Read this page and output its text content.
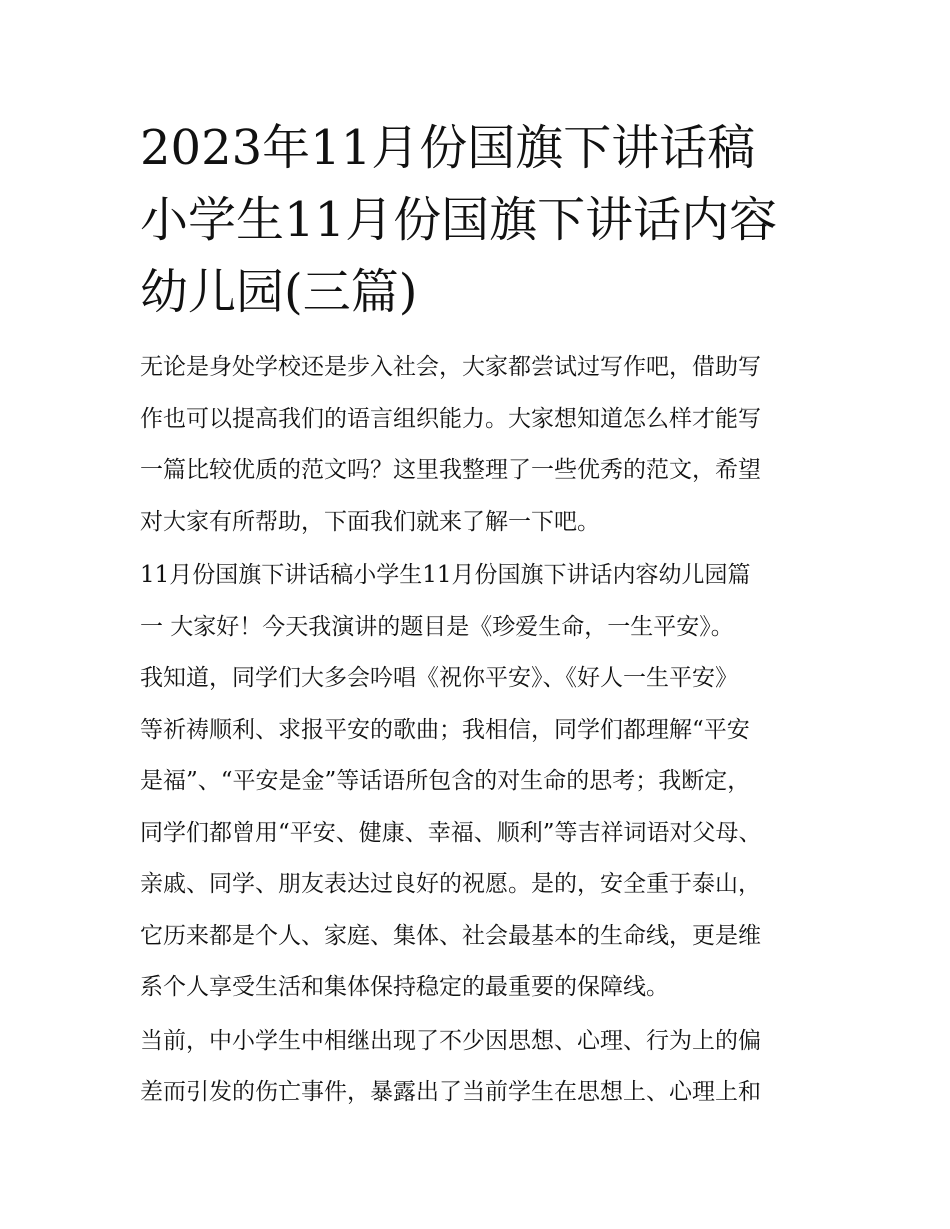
2023年11月份国旗下讲话稿
小学生11月份国旗下讲话内容
幼儿园(三篇)
无论是身处学校还是步入社会，大家都尝试过写作吧，借助写
作也可以提高我们的语言组织能力。大家想知道怎么样才能写
一篇比较优质的范文吗？这里我整理了一些优秀的范文，希望
对大家有所帮助，下面我们就来了解一下吧。
11月份国旗下讲话稿小学生11月份国旗下讲话内容幼儿园篇
一 大家好！今天我演讲的题目是《珍爱生命，一生平安》。
我知道，同学们大多会吟唱《祝你平安》、《好人一生平安》
等祈祷顺利、求报平安的歌曲；我相信，同学们都理解“平安
是福”、“平安是金”等话语所包含的对生命的思考；我断定，
同学们都曾用“平安、健康、幸福、顺利”等吉祥词语对父母、
亲戚、同学、朋友表达过良好的祝愿。是的，安全重于泰山，
它历来都是个人、家庭、集体、社会最基本的生命线，更是维
系个人享受生活和集体保持稳定的最重要的保障线。
当前，中小学生中相继出现了不少因思想、心理、行为上的偏
差而引发的伤亡事件，暴露出了当前学生在思想上、心理上和
